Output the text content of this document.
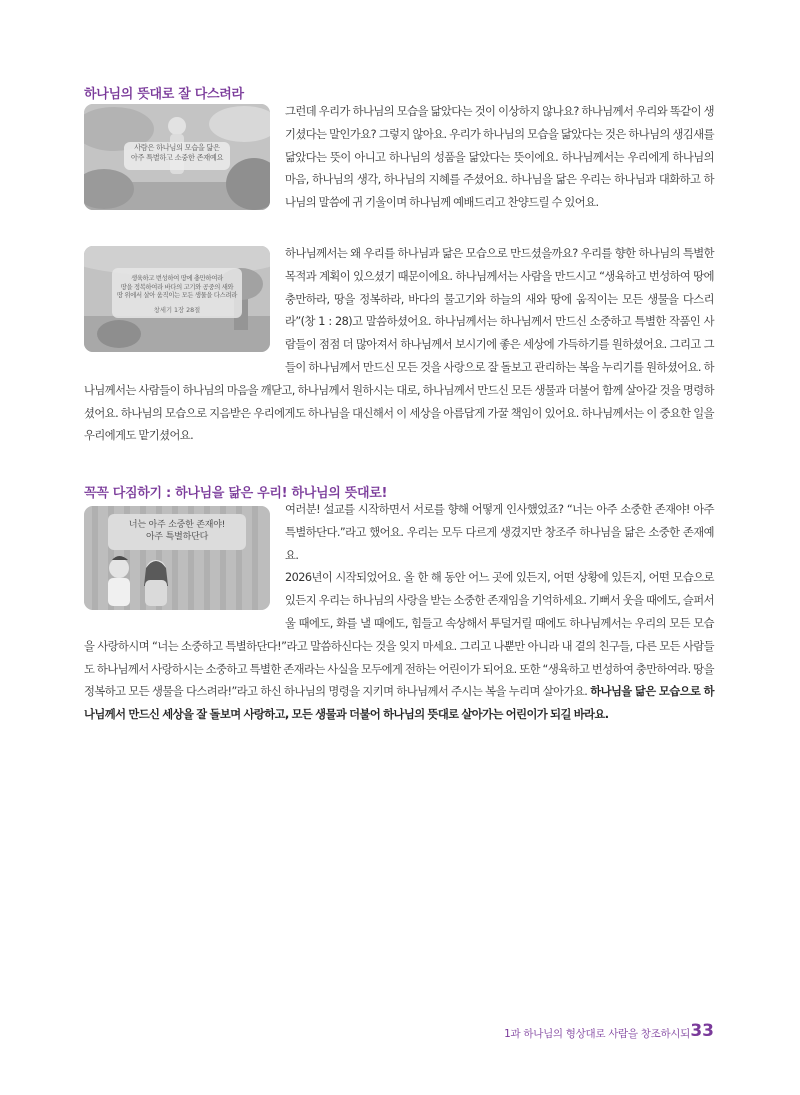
하나님의 뜻대로 잘 다스려라
사람은 하나님의 모습을 닮은
아주 특별하고 소중한 존재예요

그런데 우리가 하나님의 모습을 닮았다는 것이 이상하지 않나요? 하나님께서 우리와 똑같이 생기셨다는 말인가요? 그렇지 않아요. 우리가 하나님의 모습을 닮았다는 것은 하나님의 생김새를 닮았다는 뜻이 아니고 하나님의 성품을 닮았다는 뜻이에요. 하나님께서는 우리에게 하나님의 마음, 하나님의 생각, 하나님의 지혜를 주셨어요. 하나님을 닮은 우리는 하나님과 대화하고 하나님의 말씀에 귀 기울이며 하나님께 예배드리고 찬양드릴 수 있어요.

생육하고 번성하여 땅에 충만하여라
땅을 정복하여라 바다의 고기와 공중의 새와
땅 위에서 살아 움직이는 모든 생물을 다스려라
창세기 1장 28절

하나님께서는 왜 우리를 하나님과 닮은 모습으로 만드셨을까요? 우리를 향한 하나님의 특별한 목적과 계획이 있으셨기 때문이에요. 하나님께서는 사람을 만드시고 “생육하고 번성하여 땅에 충만하라, 땅을 정복하라, 바다의 물고기와 하늘의 새와 땅에 움직이는 모든 생물을 다스리라”(창 1 : 28)고 말씀하셨어요. 하나님께서는 하나님께서 만드신 소중하고 특별한 작품인 사람들이 점점 더 많아져서 하나님께서 보시기에 좋은 세상에 가득하기를 원하셨어요. 그리고 그들이 하나님께서 만드신 모든 것을 사랑으로 잘 돌보고 관리하는 복을 누리기를 원하셨어요. 하나님께서는 사람들이 하나님의 마음을 깨닫고, 하나님께서 원하시는 대로, 하나님께서 만드신 모든 생물과 더불어 함께 살아갈 것을 명령하셨어요. 하나님의 모습으로 지음받은 우리에게도 하나님을 대신해서 이 세상을 아름답게 가꿀 책임이 있어요. 하나님께서는 이 중요한 일을 우리에게도 맡기셨어요.

꼭꼭 다짐하기 : 하나님을 닮은 우리! 하나님의 뜻대로!
너는 아주 소중한 존재야!
아주 특별하단다
여러분! 설교를 시작하면서 서로를 향해 어떻게 인사했었죠? “너는 아주 소중한 존재야! 아주 특별하단다.”라고 했어요. 우리는 모두 다르게 생겼지만 창조주 하나님을 닮은 소중한 존재예요.
2026년이 시작되었어요. 올 한 해 동안 어느 곳에 있든지, 어떤 상황에 있든지, 어떤 모습으로 있든지 우리는 하나님의 사랑을 받는 소중한 존재임을 기억하세요. 기뻐서 웃을 때에도, 슬퍼서 울 때에도, 화를 낼 때에도, 힘들고 속상해서 투덜거릴 때에도 하나님께서는 우리의 모든 모습을 사랑하시며 “너는 소중하고 특별하단다!”라고 말씀하신다는 것을 잊지 마세요. 그리고 나뿐만 아니라 내 곁의 친구들, 다른 모든 사람들도 하나님께서 사랑하시는 소중하고 특별한 존재라는 사실을 모두에게 전하는 어린이가 되어요. 또한 “생육하고 번성하여 충만하여라. 땅을 정복하고 모든 생물을 다스려라!”라고 하신 하나님의 명령을 지키며 하나님께서 주시는 복을 누리며 살아가요. 하나님을 닮은 모습으로 하나님께서 만드신 세상을 잘 돌보며 사랑하고, 모든 생물과 더불어 하나님의 뜻대로 살아가는 어린이가 되길 바라요.
1과 하나님의 형상대로 사람을 창조하시되 33
